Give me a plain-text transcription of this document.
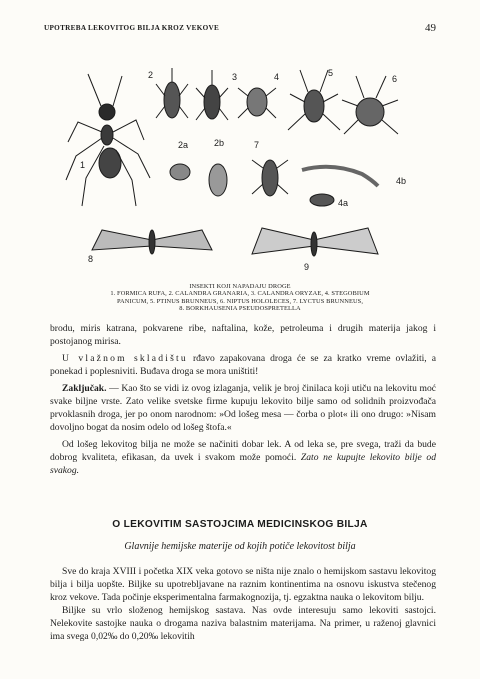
UPOTREBA LEKOVITOG BILJA KROZ VEKOVE	49
1
2	3	4	5
6
2a	2b	7
4b
4a
8
9
INSEKTI KOJI NAPADAJU DROGE
1. FORMICA RUFA, 2. CALANDRA GRANARIA, 3. CALANDRA ORYZAE, 4. STEGOBIUM
PANICUM, 5. PTINUS BRUNNEUS, 6. NIPTUS HOLOLECES, 7. LYCTUS BRUNNEUS,
8. BORKHAUSENIA PSEUDOSPRETELLA

brodu, miris katrana, pokvarene ribe, naftalina, kože, petroleuma i drugih materija jakog i postojanog mirisa.

U vlažnom skladištu rđavo zapakovana droga će se za kratko vreme ovlažiti, a ponekad i poplesniviti. Buđava droga se mora uništiti!

Zaključak. — Kao što se vidi iz ovog izlaganja, velik je broj činilaca koji utiču na lekovitu moć svake biljne vrste. Zato velike svetske firme kupuju lekovito bilje samo od solidnih proizvođača prvoklasnih droga, jer po onom narodnom: »Od lošeg mesa — čorba o plot« ili ono drugo: »Nisam dovoljno bogat da nosim odelo od lošeg štofa.«

Od lošeg lekovitog bilja ne može se načiniti dobar lek. A od leka se, pre svega, traži da bude dobrog kvaliteta, efikasan, da uvek i svakom može pomoći. Zato ne kupujte lekovito bilje od svakog.

O LEKOVITIM SASTOJCIMA MEDICINSKOG BILJA
Glavnije hemijske materije od kojih potiče lekovitost bilja

Sve do kraja XVIII i početka XIX veka gotovo se ništa nije znalo o hemijskom sastavu lekovitog bilja i bilja uopšte. Biljke su upotrebljavane na raznim kontinentima na osnovu iskustva stečenog kroz vekove. Tada počinje eksperimentalna farmakognozija, tj. egzaktna nauka o lekovitom bilju.

Biljke su vrlo složenog hemijskog sastava. Nas ovde interesuju samo lekoviti sastojci. Nelekovite sastojke nauka o drogama naziva balastnim materijama. Na primer, u raženoj glavnici ima svega 0,02‰ do 0,20‰ lekovitih
